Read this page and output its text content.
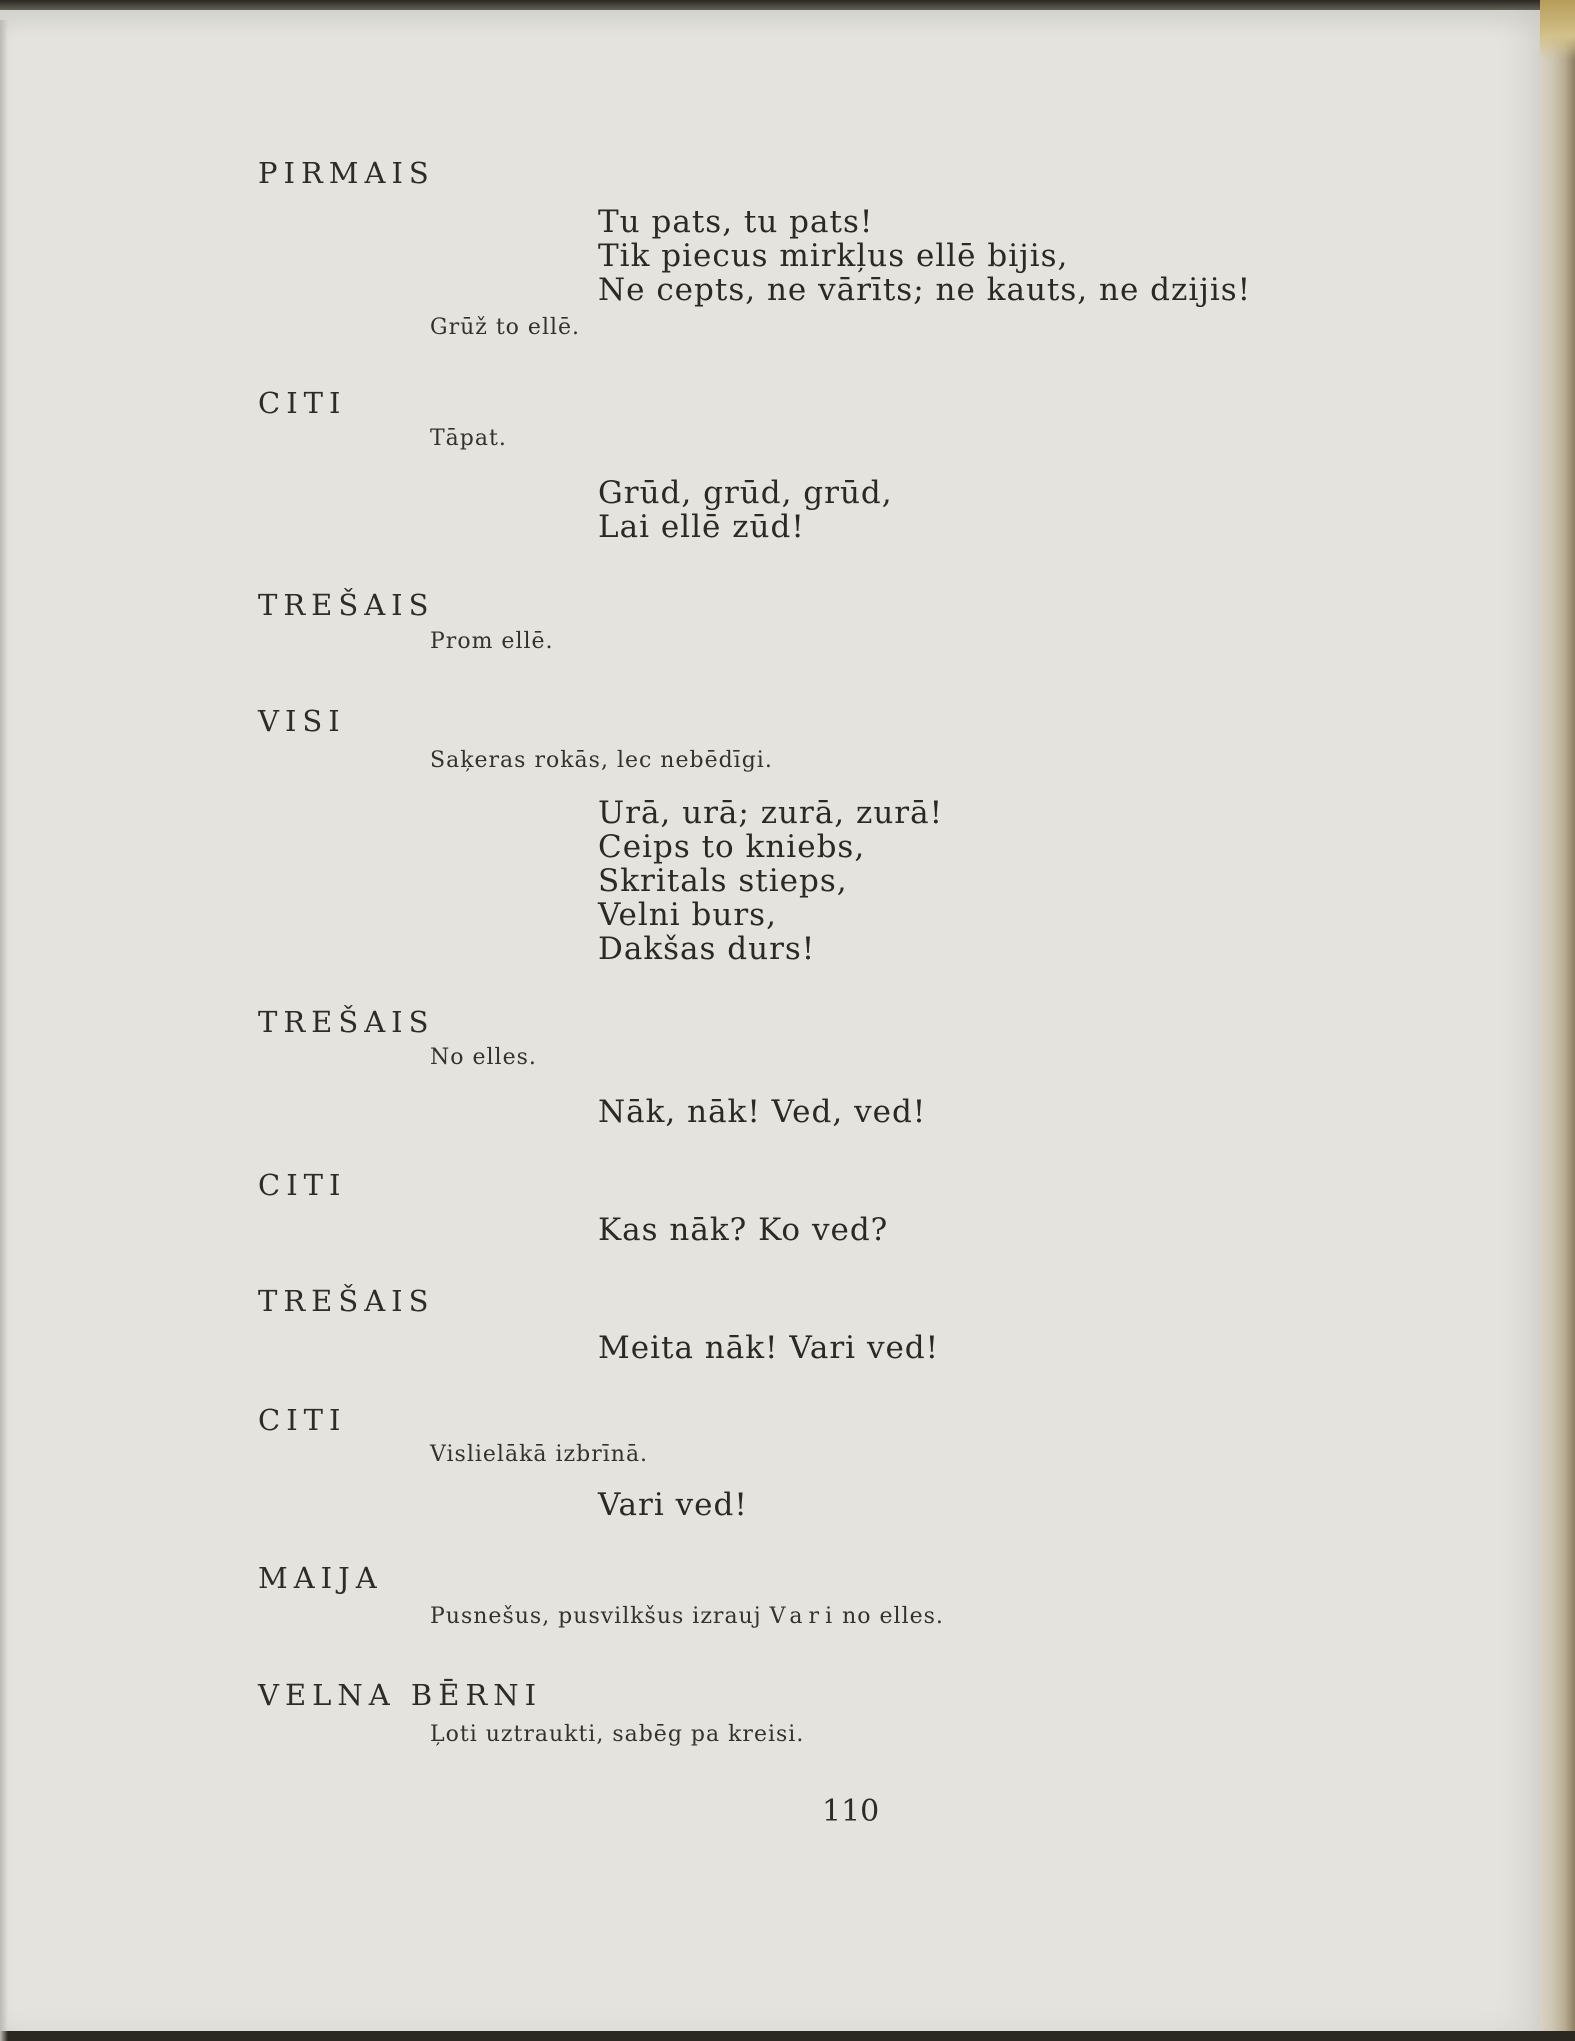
PIRMAIS
Tu pats, tu pats!
Tik piecus mirkļus ellē bijis,
Ne cepts, ne vārīts; ne kauts, ne dzijis!
Grūž to ellē.
CITI
Tāpat.
Grūd, grūd, grūd,
Lai ellē zūd!
TREŠAIS
Prom ellē.
VISI
Saķeras rokās, lec nebēdīgi.
Urā, urā; zurā, zurā!
Ceips to kniebs,
Skritals stieps,
Velni burs,
Dakšas durs!
TREŠAIS
No elles.
Nāk, nāk! Ved, ved!
CITI
Kas nāk? Ko ved?
TREŠAIS
Meita nāk! Vari ved!
CITI
Vislielākā izbrīnā.
Vari ved!
MAIJA
Pusnešus, pusvilkšus izrauj Vari no elles.
VELNA BĒRNI
Ļoti uztraukti, sabēg pa kreisi.
110
